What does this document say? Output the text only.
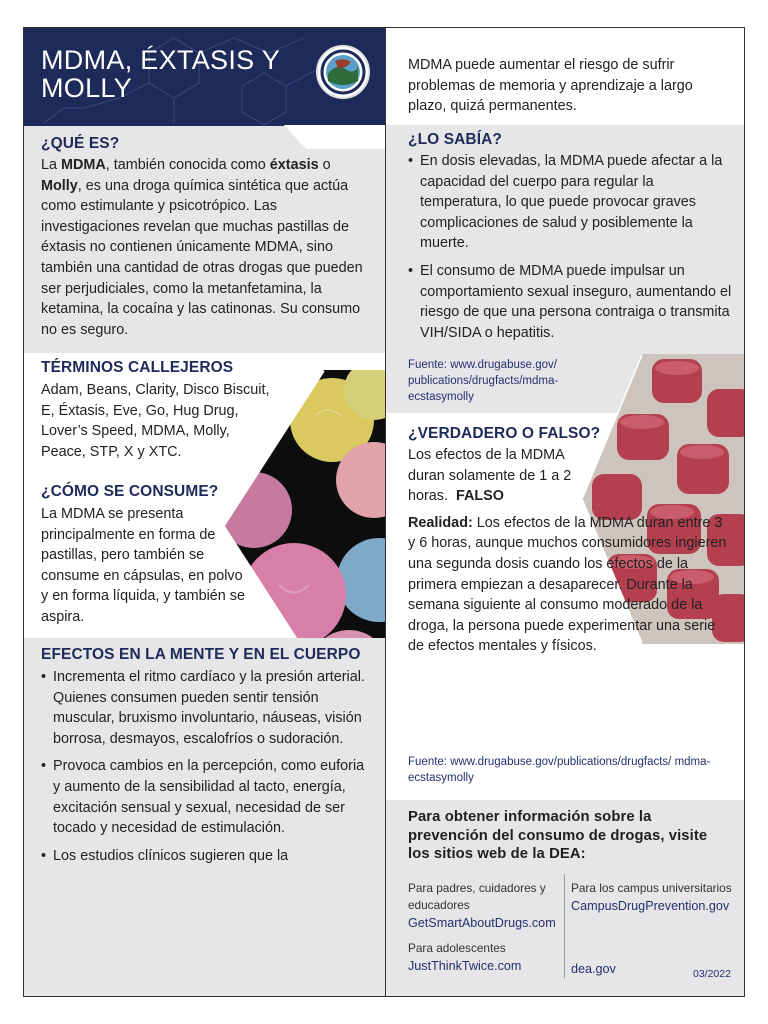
MDMA, ÉXTASIS Y MOLLY
dea.gov
¿QUÉ ES?

La MDMA, también conocida como éxtasis o Molly, es una droga química sintética que actúa como estimulante y psicotrópico. Las investigaciones revelan que muchas pastillas de éxtasis no contienen únicamente MDMA, sino también una cantidad de otras drogas que pueden ser perjudiciales, como la metanfetamina, la ketamina, la cocaína y las catinonas. Su consumo no es seguro.

TÉRMINOS CALLEJEROS

Adam, Beans, Clarity, Disco Biscuit, E, Éxtasis, Eve, Go, Hug Drug, Lover’s Speed, MDMA, Molly, Peace, STP, X y XTC.

¿CÓMO SE CONSUME?

La MDMA se presenta principalmente en forma de pastillas, pero también se consume en cápsulas, en polvo y en forma líquida, y también se aspira.

EFECTOS EN LA MENTE Y EN EL CUERPO
• Incrementa el ritmo cardíaco y la presión arterial. Quienes consumen pueden sentir tensión muscular, bruxismo involuntario, náuseas, visión borrosa, desmayos, escalofríos o sudoración.
• Provoca cambios en la percepción, como euforia y aumento de la sensibilidad al tacto, energía, excitación sensual y sexual, necesidad de ser tocado y necesidad de estimulación.
• Los estudios clínicos sugieren que la

MDMA puede aumentar el riesgo de sufrir problemas de memoria y aprendizaje a largo plazo, quizá permanentes.

¿LO SABÍA?
• En dosis elevadas, la MDMA puede afectar a la capacidad del cuerpo para regular la temperatura, lo que puede provocar graves complicaciones de salud y posiblemente la muerte.
• El consumo de MDMA puede impulsar un comportamiento sexual inseguro, aumentando el riesgo de que una persona contraiga o transmita VIH/SIDA o hepatitis.
Fuente: www.drugabuse.gov/ publications/drugfacts/mdma-ecstasymolly
¿VERDADERO O FALSO?

Los efectos de la MDMA duran solamente de 1 a 2 horas. FALSO

Realidad: Los efectos de la MDMA duran entre 3 y 6 horas, aunque muchos consumidores ingieren una segunda dosis cuando los efectos de la primera empiezan a desaparecer. Durante la semana siguiente al consumo moderado de la droga, la persona puede experimentar una serie de efectos mentales y físicos.

Fuente: www.drugabuse.gov/publications/drugfacts/ mdma-ecstasymolly
Para obtener información sobre la prevención del consumo de drogas, visite los sitios web de la DEA:
Para padres, cuidadores y educadores
GetSmartAboutDrugs.com
Para los campus universitarios
CampusDrugPrevention.gov
Para adolescentes
JustThinkTwice.com	dea.gov	03/2022
